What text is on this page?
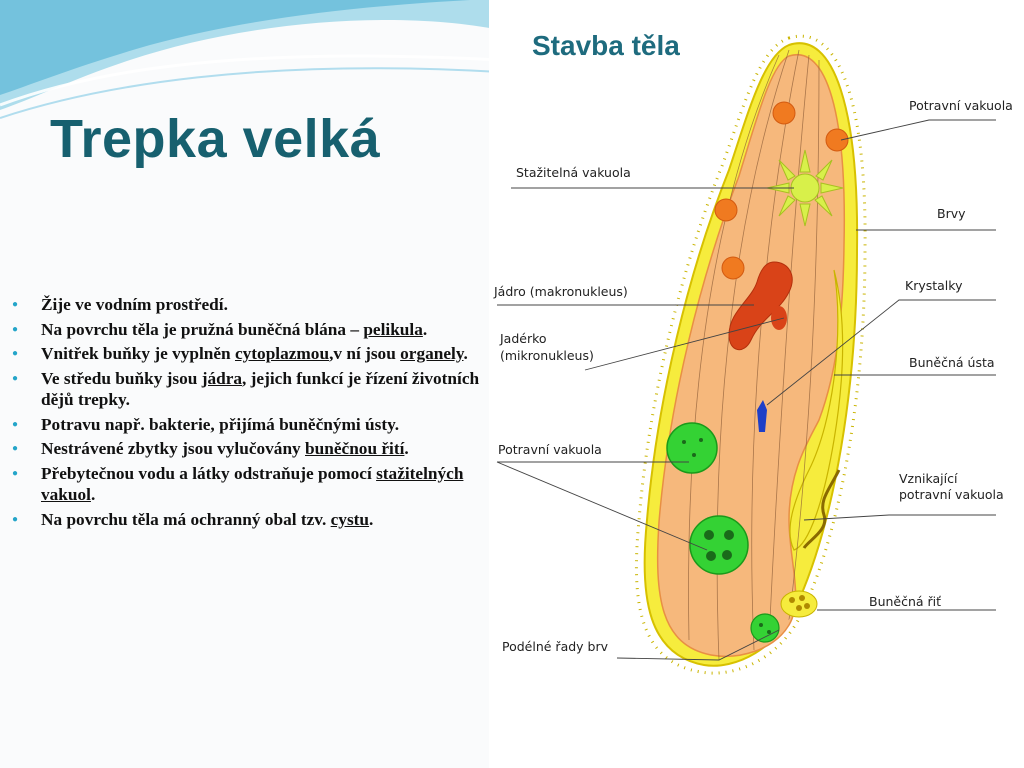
Trepka velká
● Žije ve vodním prostředí.
● Na povrchu těla je pružná buněčná blána – pelikula.
● Vnitřek buňky je vyplněn cytoplazmou,v ní jsou organely.
● Ve středu buňky jsou jádra, jejich funkcí je řízení životních dějů trepky.
● Potravu např. bakterie, přijímá buněčnými ústy.
● Nestrávené zbytky jsou vylučovány buněčnou řití.
● Přebytečnou vodu a látky odstraňuje pomocí stažitelných vakuol.
● Na povrchu těla má ochranný obal tzv. cystu.
Stavba těla
Potravní vakuola
Stažitelná vakuola
Brvy
Jádro (makronukleus)	Krystalky
Jadérko
(mikronukleus)	Buněčná ústa
Potravní vakuola
Vznikající
potravní vakuola
Buněčná řiť
Podélné řady brv
